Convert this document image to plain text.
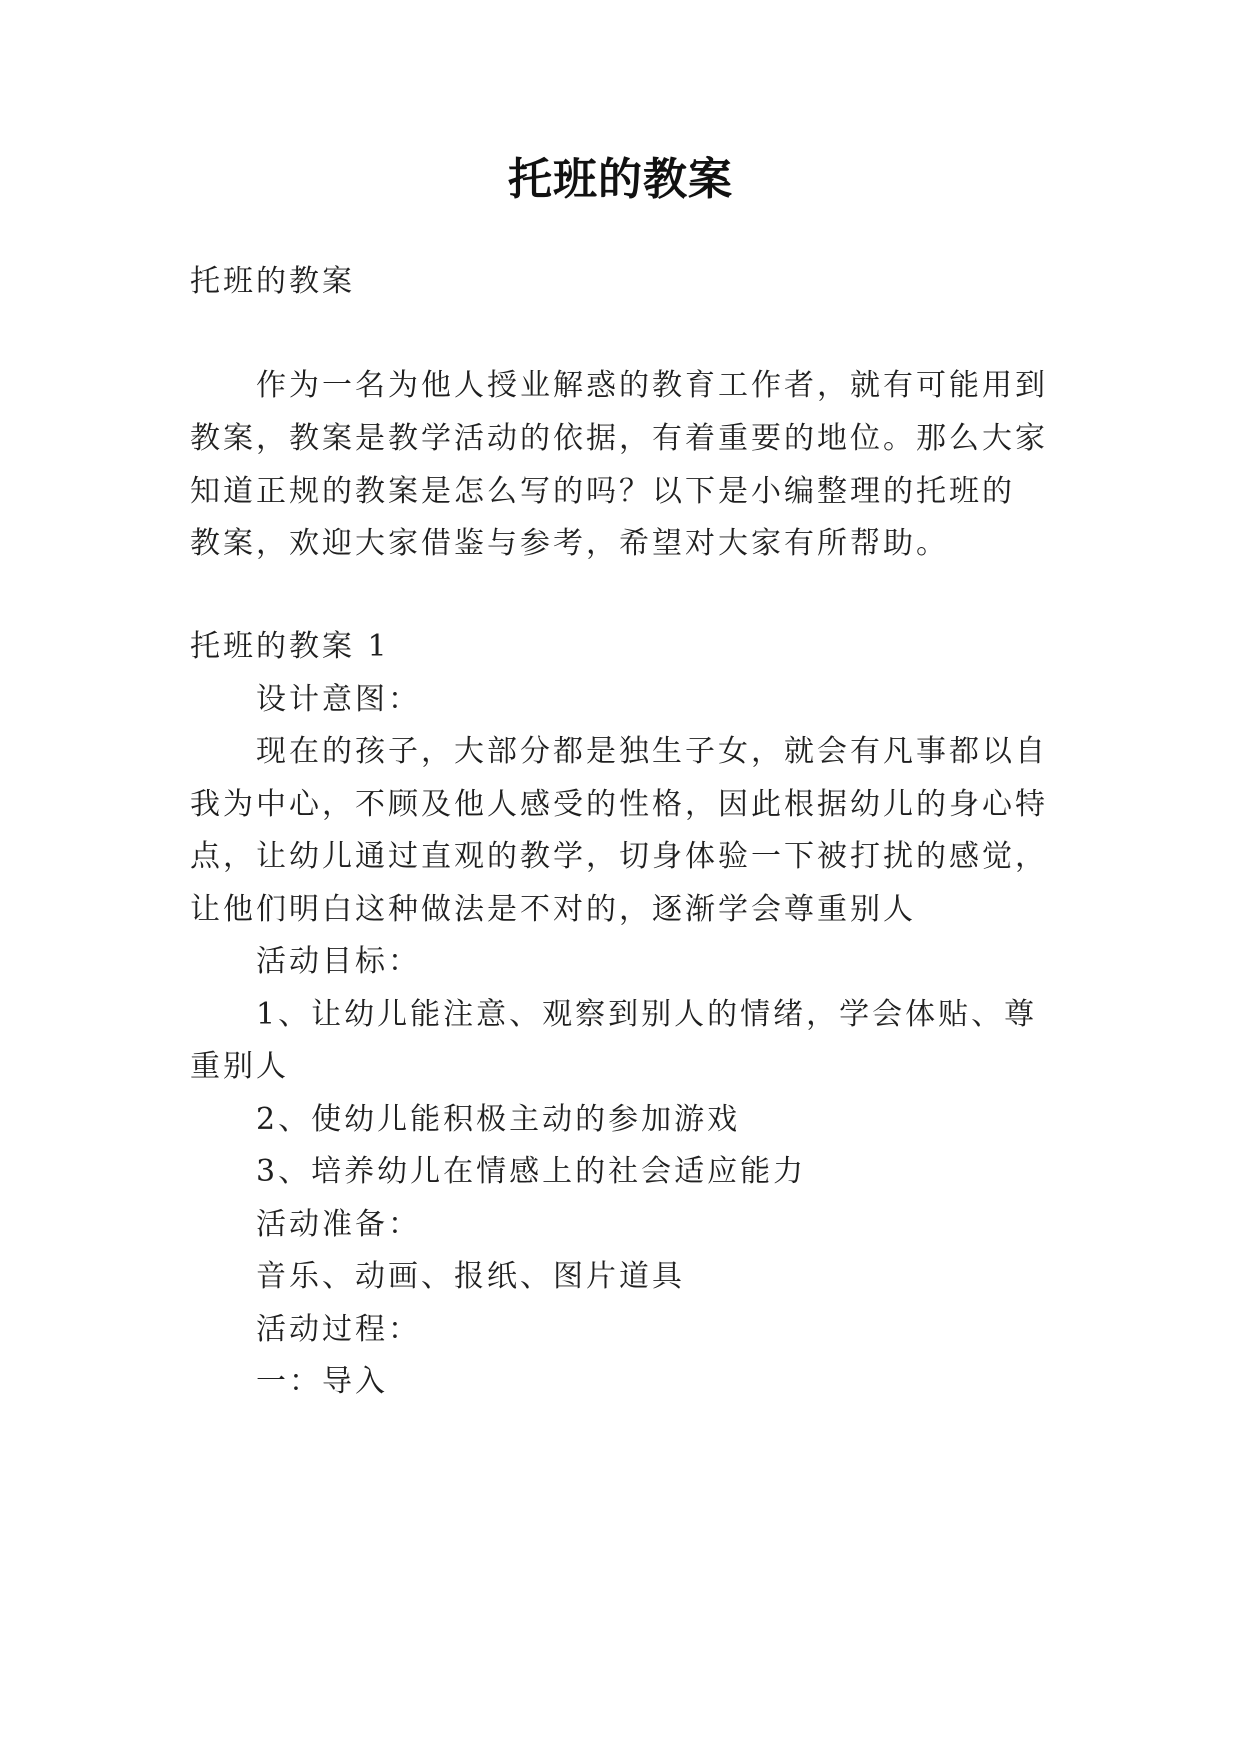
托班的教案
托班的教案
作为一名为他人授业解惑的教育工作者，就有可能用到
教案，教案是教学活动的依据，有着重要的地位。那么大家
知道正规的教案是怎么写的吗？以下是小编整理的托班的
教案，欢迎大家借鉴与参考，希望对大家有所帮助。
托班的教案 1
设计意图：
现在的孩子，大部分都是独生子女，就会有凡事都以自
我为中心，不顾及他人感受的性格，因此根据幼儿的身心特
点，让幼儿通过直观的教学，切身体验一下被打扰的感觉，
让他们明白这种做法是不对的，逐渐学会尊重别人
活动目标：
1、让幼儿能注意、观察到别人的情绪，学会体贴、尊
重别人
2、使幼儿能积极主动的参加游戏
3、培养幼儿在情感上的社会适应能力
活动准备：
音乐、动画、报纸、图片道具
活动过程：
一：导入
